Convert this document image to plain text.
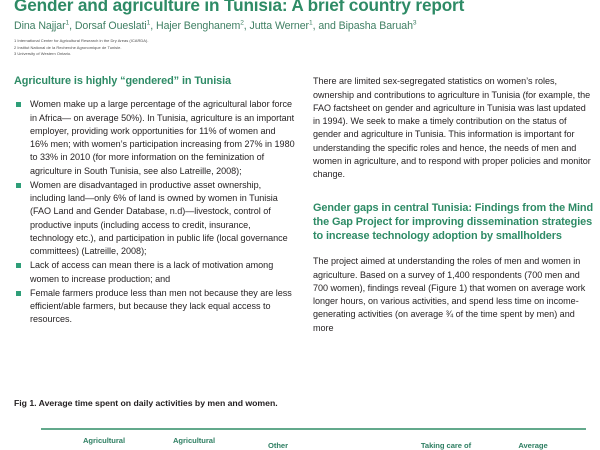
Gender and agriculture in Tunisia: A brief country report
Dina Najjar$^1$, Dorsaf Oueslati$^1$, Hajer Benghanem$^2$, Jutta Werner$^1$, and Bipasha Baruah$^3$
1 International Center for Agricultural Research in the Dry Areas (ICARDA).
2 Institut National de la Recherche Agronomique de Tunisie.
3 University of Western Ontario.
Agriculture is highly “gendered” in Tunisia
Women make up a large percentage of the agricultural labor force in Africa— on average 50%). In Tunisia, agriculture is an important employer, providing work opportunities for 11% of women and 16% men; with women’s participation increasing from 27% in 1980 to 33% in 2010 (for more information on the feminization of agriculture in South Tunisia, see also Latreille, 2008);
Women are disadvantaged in productive asset ownership, including land—only 6% of land is owned by women in Tunisia (FAO Land and Gender Database, n.d)—livestock, control of productive inputs (including access to credit, insurance, technology etc.), and participation in public life (local governance committees) (Latreille, 2008);
Lack of access can mean there is a lack of motivation among women to increase production; and
Female farmers produce less than men not because they are less efficient/able farmers, but because they lack equal access to resources.

There are limited sex-segregated statistics on women’s roles, ownership and contributions to agriculture in Tunisia (for example, the FAO factsheet on gender and agriculture in Tunisia was last updated in 1994). We seek to make a timely contribution on the status of gender and agriculture in Tunisia. This information is important for understanding the specific roles and hence, the needs of men and women in agriculture, and to respond with proper policies and monitor change.

Gender gaps in central Tunisia: Findings from the Mind the Gap Project for improving dissemination strategies to increase technology adoption by smallholders

The project aimed at understanding the roles of men and women in agriculture. Based on a survey of 1,400 respondents (700 men and 700 women), findings reveal (Figure 1) that women on average work longer hours, on various activities, and spend less time on income-generating activities (on average ¾ of the time spent by men) and more

Fig 1. Average time spent on daily activities by men and women.
Agricultural	Agricultural
Other	Taking care of	Average
